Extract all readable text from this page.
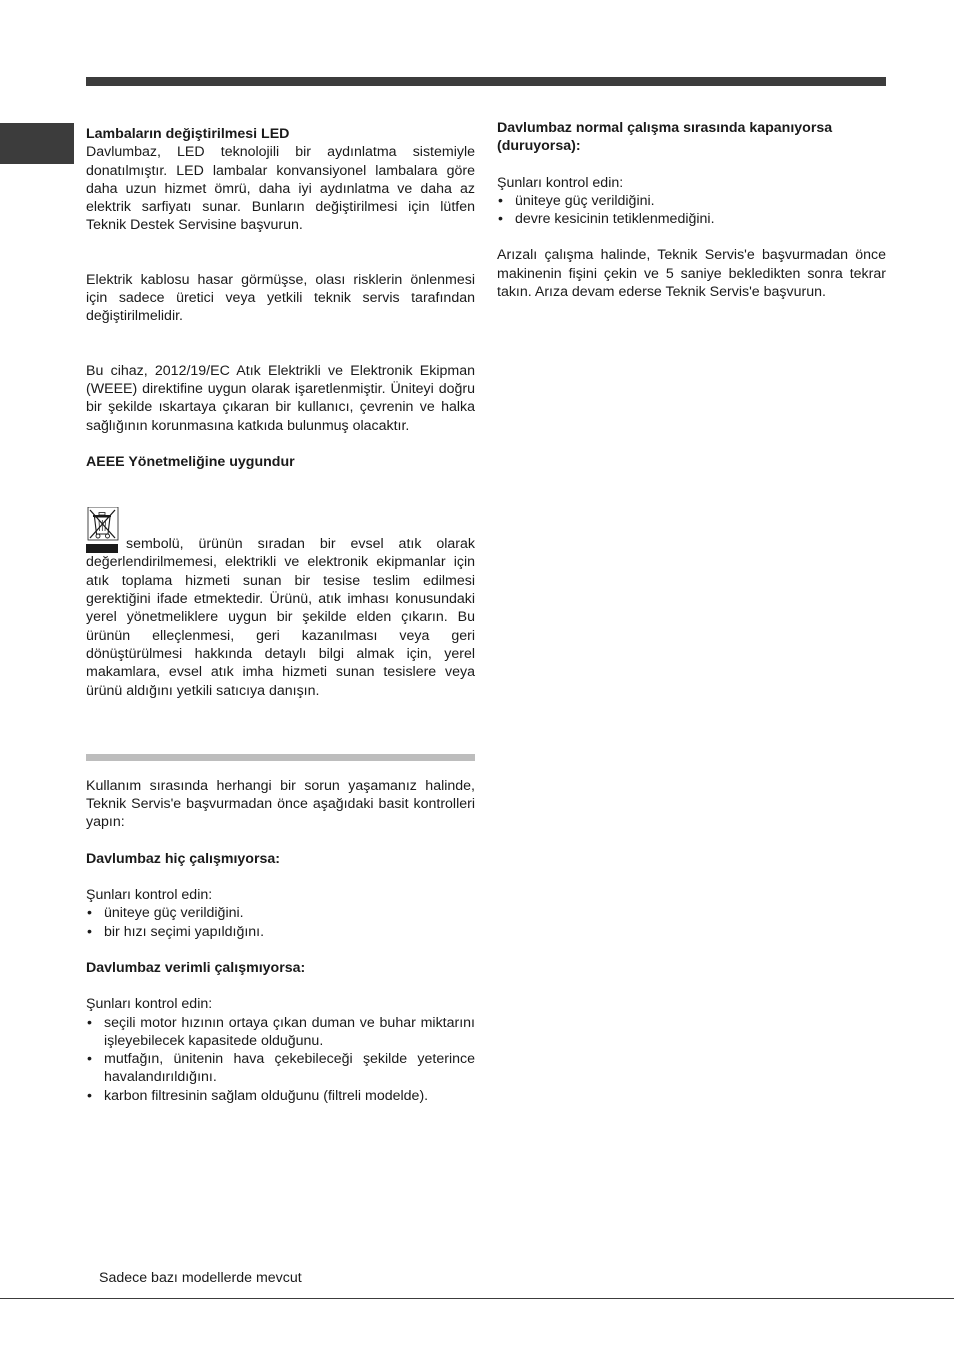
Lambaların değiştirilmesi LED

Davlumbaz, LED teknolojili bir aydınlatma sistemiyle donatılmıştır. LED lambalar konvansiyonel lambalara göre daha uzun hizmet ömrü, daha iyi aydınlatma ve daha az elektrik sarfiyatı sunar. Bunların değiştirilmesi için lütfen Teknik Destek Servisine başvurun.

Elektrik kablosu hasar görmüşse, olası risklerin önlenmesi için sadece üretici veya yetkili teknik servis tarafından değiştirilmelidir.

Bu cihaz, 2012/19/EC Atık Elektrikli ve Elektronik Ekipman (WEEE) direktifine uygun olarak işaretlenmiştir. Üniteyi doğru bir şekilde ıskartaya çıkaran bir kullanıcı, çevrenin ve halka sağlığının korunmasına katkıda bulunmuş olacaktır.

AEEE Yönetmeliğine uygundur

sembolü, ürünün sıradan bir evsel atık olarak değerlendirilmemesi, elektrikli ve elektronik ekipmanlar için atık toplama hizmeti sunan bir tesise teslim edilmesi gerektiğini ifade etmektedir. Ürünü, atık imhası konusundaki yerel yönetmeliklere uygun bir şekilde elden çıkarın. Bu ürünün elleçlenmesi, geri kazanılması veya geri dönüştürülmesi hakkında detaylı bilgi almak için, yerel makamlara, evsel atık imha hizmeti sunan tesislere veya ürünü aldığını yetkili satıcıya danışın.

Kullanım sırasında herhangi bir sorun yaşamanız halinde, Teknik Servis'e başvurmadan önce aşağıdaki basit kontrolleri yapın:

Davlumbaz hiç çalışmıyorsa:

Şunları kontrol edin:

• üniteye güç verildiğini.
• bir hızı seçimi yapıldığını.

Davlumbaz verimli çalışmıyorsa:

Şunları kontrol edin:

• seçili motor hızının ortaya çıkan duman ve buhar miktarını işleyebilecek kapasitede olduğunu.
• mutfağın, ünitenin hava çekebileceği şekilde yeterince havalandırıldığını.
• karbon filtresinin sağlam olduğunu (filtreli modelde).

Davlumbaz normal çalışma sırasında kapanıyorsa (duruyorsa):

Şunları kontrol edin:

• üniteye güç verildiğini.
• devre kesicinin tetiklenmediğini.

Arızalı çalışma halinde, Teknik Servis'e başvurmadan önce makinenin fişini çekin ve 5 saniye bekledikten sonra tekrar takın. Arıza devam ederse Teknik Servis'e başvurun.

Sadece bazı modellerde mevcut
